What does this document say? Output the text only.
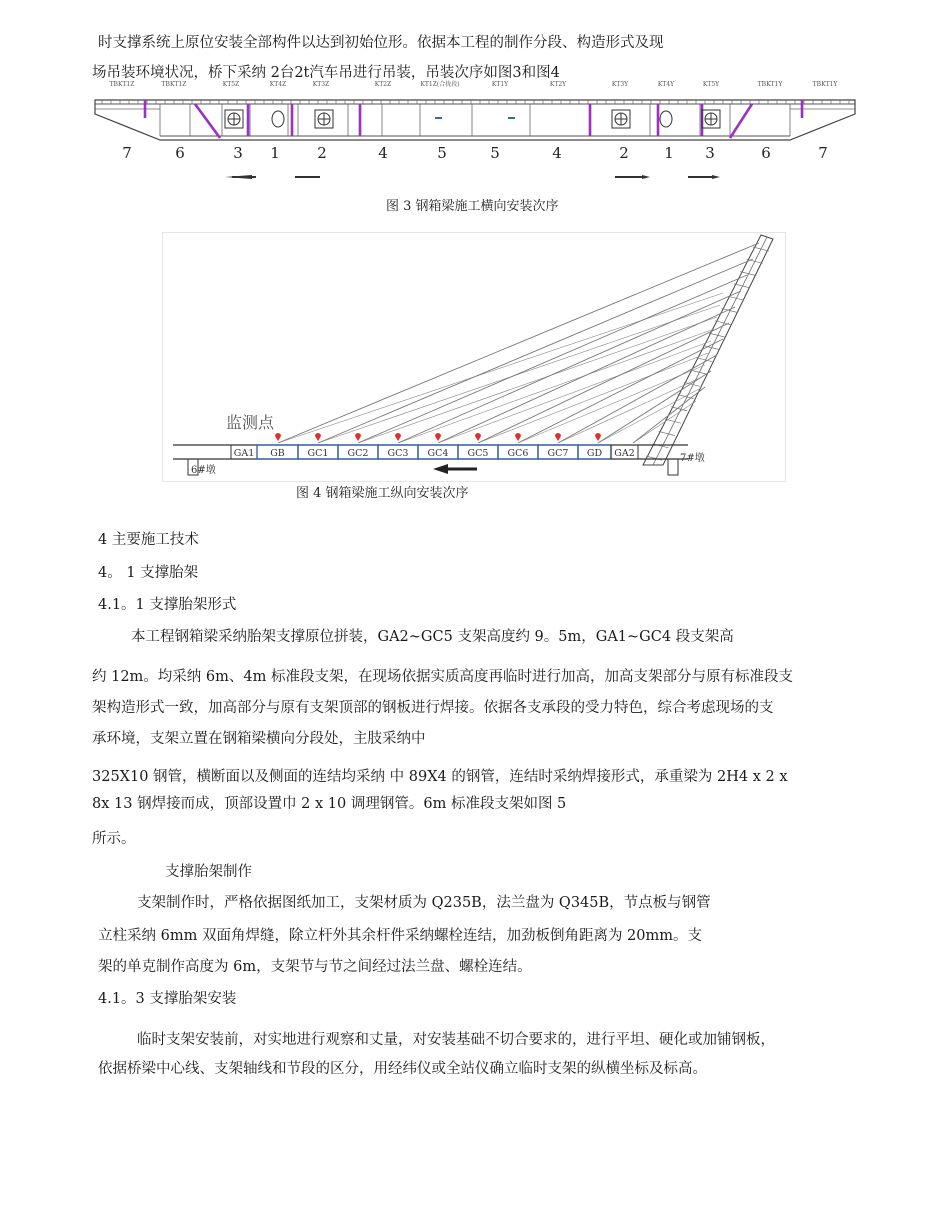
时支撑系统上原位安装全部构件以达到初始位形。依据本工程的制作分段、构造形式及现
场吊装环境状况，桥下采纳 2台2t汽车吊进行吊装，吊装次序如图3和图4
TBKT1Z	TBKT1Z	KT5Z	KT4Z	KT3Z	KT2Z	KT1Z(合拢段)	KT1Y	KT2Y	KT3Y	KT4Y	KT5Y	TBKT1Y	TBKT1Y
7	6	3 1 2	4	5	5	4	2 1 3	6	7
图 3 钢箱梁施工横向安装次序
GA1 GB GC1 GC2 GC3 GC4 GC5 GC6 GC7 GD GA2
监测点
6#墩
7#墩
图 4 钢箱梁施工纵向安装次序
4 主要施工技术
4。 1 支撑胎架
4.1。1 支撑胎架形式
本工程钢箱梁采纳胎架支撑原位拼装，GA2~GC5 支架高度约 9。5m，GA1~GC4 段支架高
约 12m。均采纳 6m、4m 标准段支架，在现场依据实质高度再临时进行加高，加高支架部分与原有标准段支
架构造形式一致，加高部分与原有支架顶部的钢板进行焊接。依据各支承段的受力特色，综合考虑现场的支
承环境，支架立置在钢箱梁横向分段处，主肢采纳中
325X10 钢管，横断面以及侧面的连结均采纳 中 89X4 的钢管，连结时采纳焊接形式，承重梁为 2H4 x 2 x
8x 13 钢焊接而成，顶部设置巾 2 x 10 调理钢管。6m 标准段支架如图 5
所示。
支撑胎架制作
支架制作时，严格依据图纸加工，支架材质为 Q235B，法兰盘为 Q345B，节点板与钢管
立柱采纳 6mm 双面角焊缝，除立杆外其余杆件采纳螺栓连结，加劲板倒角距离为 20mm。支
架的单克制作高度为 6m，支架节与节之间经过法兰盘、螺栓连结。
4.1。3 支撑胎架安装
临时支架安装前，对实地进行观察和丈量，对安装基础不切合要求的，进行平坦、硬化或加铺钢板，
依据桥梁中心线、支架轴线和节段的区分，用经纬仪或全站仪确立临时支架的纵横坐标及标高。
